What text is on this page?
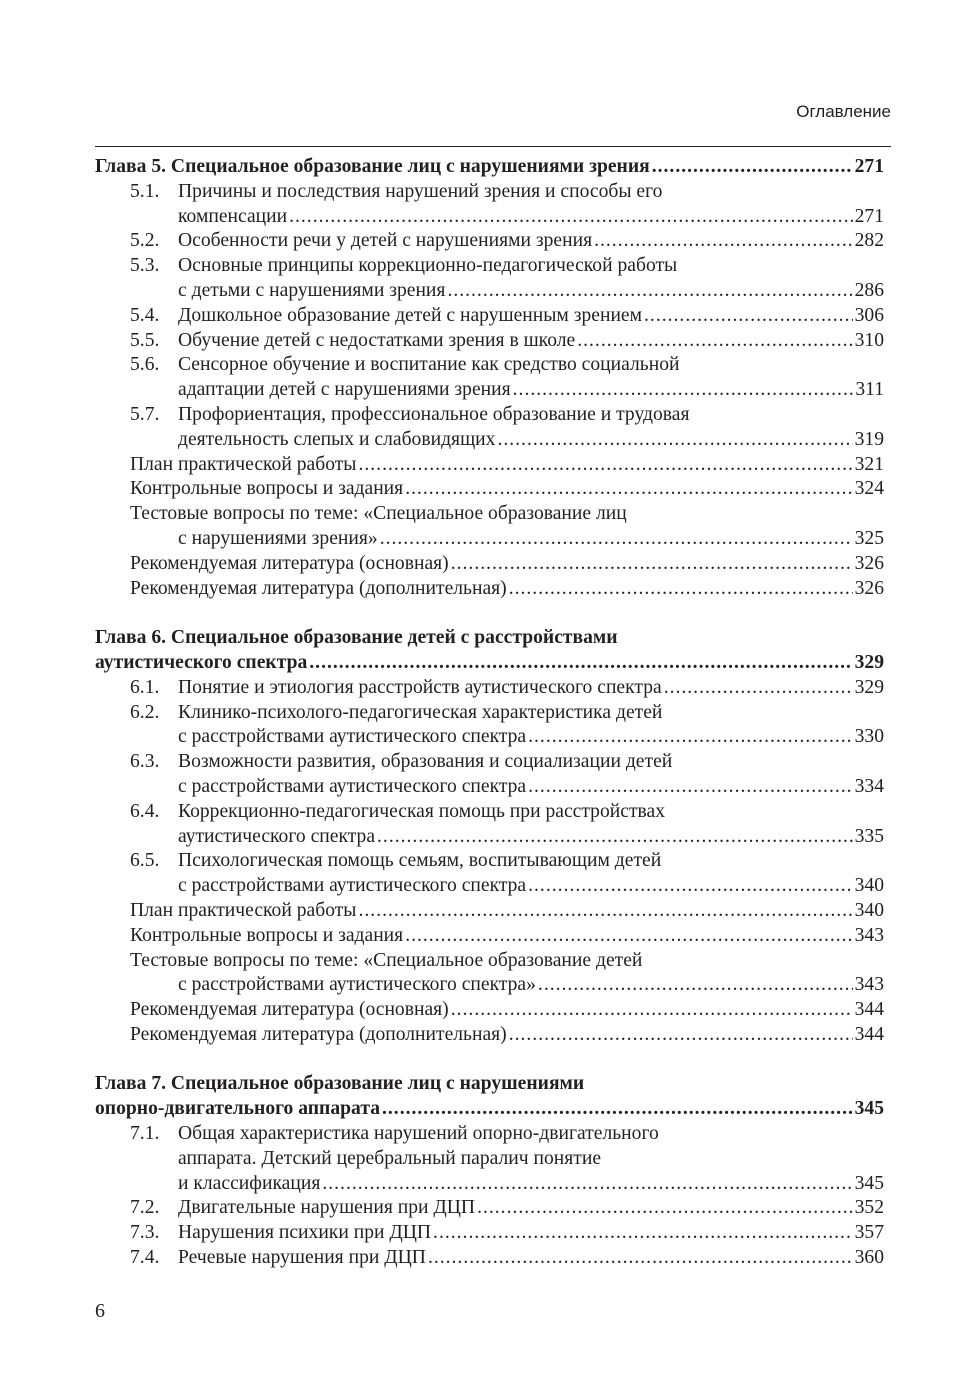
Оглавление
Глава 5. Специальное образование лиц с нарушениями зрения .....	271
5.1. Причины и последствия нарушений зрения и способы его
компенсации .....	271
5.2. Особенности речи у детей с нарушениями зрения .....	282
5.3. Основные принципы коррекционно-педагогической работы
с детьми с нарушениями зрения .....	286
5.4. Дошкольное образование детей с нарушенным зрением .....	306
5.5. Обучение детей с недостатками зрения в школе .....	310
5.6. Сенсорное обучение и воспитание как средство социальной
адаптации детей с нарушениями зрения .....	311
5.7. Профориентация, профессиональное образование и трудовая
деятельность слепых и слабовидящих .....	319
План практической работы .....	321
Контрольные вопросы и задания .....	324
Тестовые вопросы по теме: «Специальное образование лиц
с нарушениями зрения» .....	325
Рекомендуемая литература (основная) .....	326
Рекомендуемая литература (дополнительная) .....	326
Глава 6. Специальное образование детей с расстройствами
аутистического спектра .....	329
6.1. Понятие и этиология расстройств аутистического спектра .....	329
6.2. Клинико-психолого-педагогическая характеристика детей
с расстройствами аутистического спектра .....	330
6.3. Возможности развития, образования и социализации детей
с расстройствами аутистического спектра .....	334
6.4. Коррекционно-педагогическая помощь при расстройствах
аутистического спектра .....	335
6.5. Психологическая помощь семьям, воспитывающим детей
с расстройствами аутистического спектра .....	340
План практической работы .....	340
Контрольные вопросы и задания .....	343
Тестовые вопросы по теме: «Специальное образование детей
с расстройствами аутистического спектра» .....	343
Рекомендуемая литература (основная) .....	344
Рекомендуемая литература (дополнительная) .....	344
Глава 7. Специальное образование лиц с нарушениями
опорно-двигательного аппарата .....	345
7.1. Общая характеристика нарушений опорно-двигательного
аппарата. Детский церебральный паралич понятие
и классификация .....	345
7.2. Двигательные нарушения при ДЦП .....	352
7.3. Нарушения психики при ДЦП .....	357
7.4. Речевые нарушения при ДЦП .....	360
6
